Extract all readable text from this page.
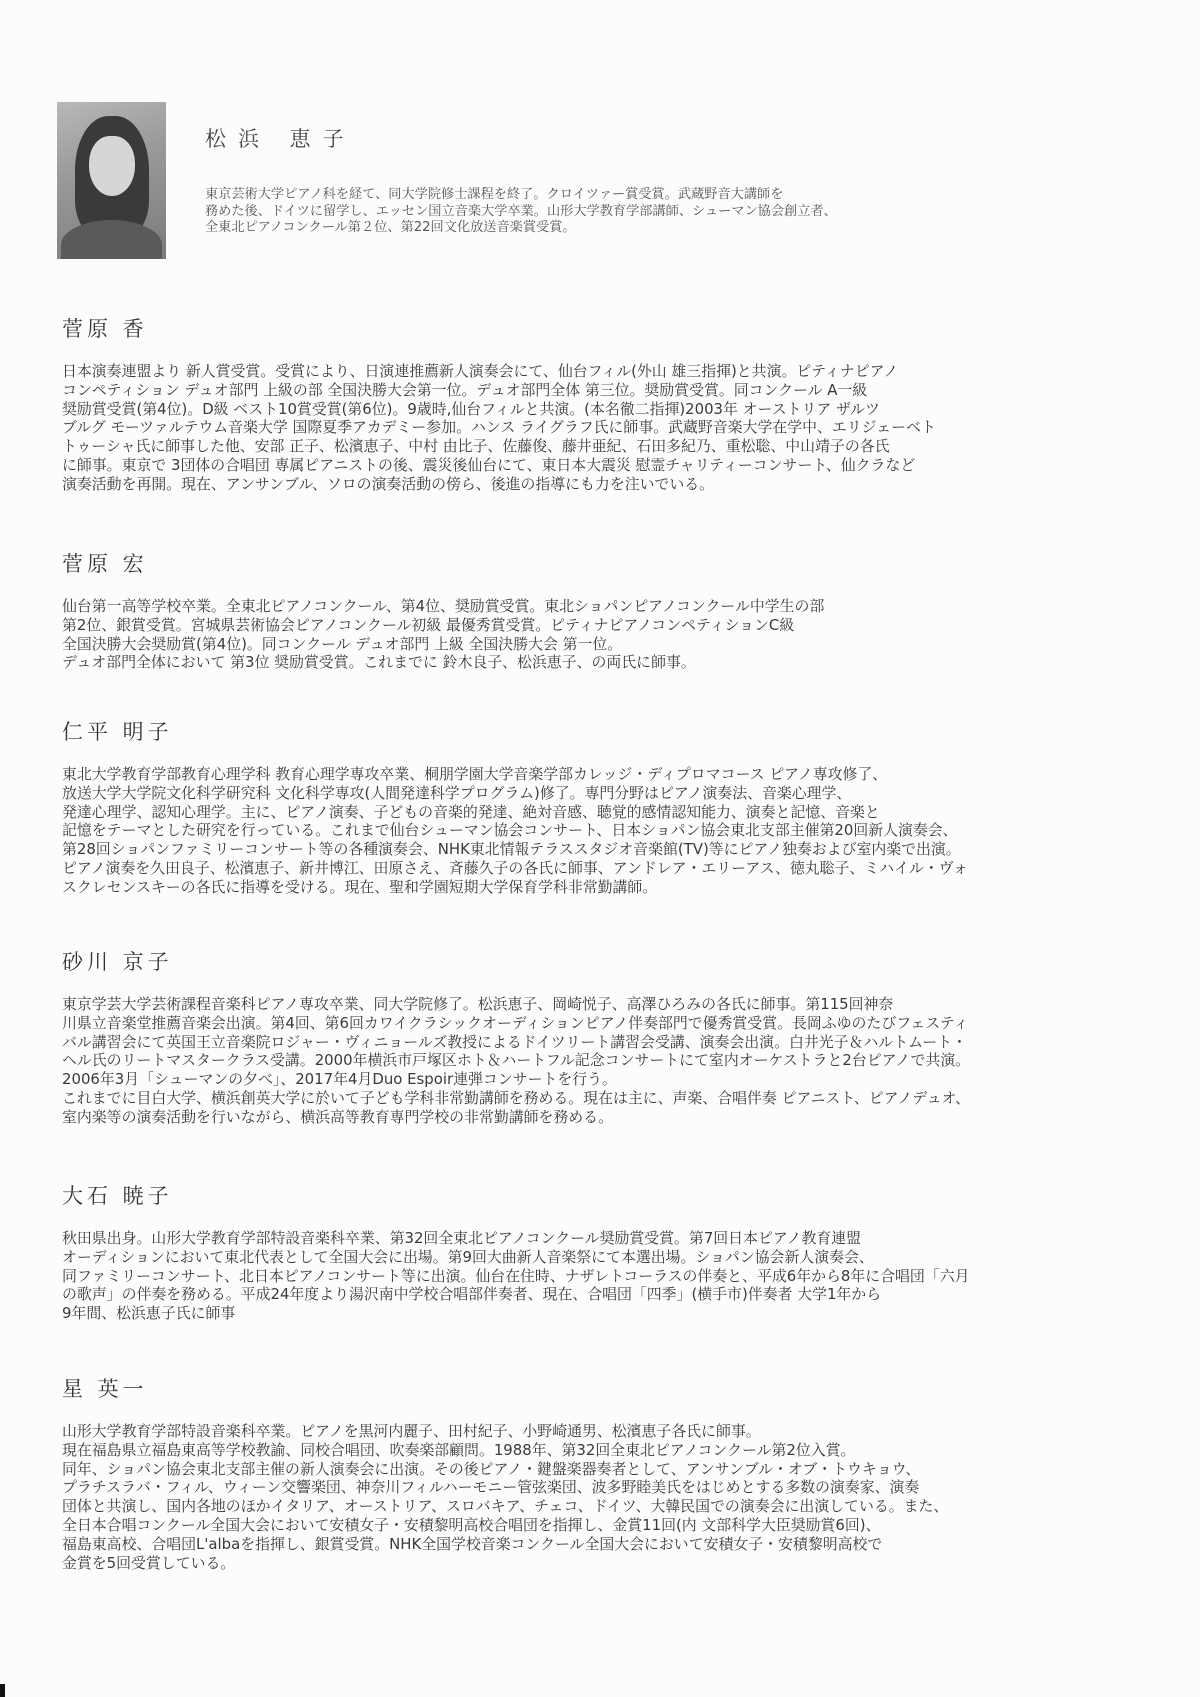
松浜 恵子
東京芸術大学ピアノ科を経て、同大学院修士課程を終了。クロイツァー賞受賞。武蔵野音大講師を
務めた後、ドイツに留学し、エッセン国立音楽大学卒業。山形大学教育学部講師、シューマン協会創立者、
全東北ピアノコンクール第２位、第22回文化放送音楽賞受賞。
菅原 香
日本演奏連盟より 新人賞受賞。受賞により、日演連推薦新人演奏会にて、仙台フィル(外山 雄三指揮)と共演。ピティナピアノ
コンペティション デュオ部門 上級の部 全国決勝大会第一位。デュオ部門全体 第三位。奨励賞受賞。同コンクール A一級
奨励賞受賞(第4位)。D級 ベスト10賞受賞(第6位)。9歳時,仙台フィルと共演。(本名徹二指揮)2003年 オーストリア ザルツ
ブルグ モーツァルテウム音楽大学 国際夏季アカデミー参加。ハンス ライグラフ氏に師事。武蔵野音楽大学在学中、エリジェーベト
トゥーシャ氏に師事した他、安部 正子、松濱恵子、中村 由比子、佐藤俊、藤井亜紀、石田多紀乃、重松聡、中山靖子の各氏
に師事。東京で 3団体の合唱団 専属ピアニストの後、震災後仙台にて、東日本大震災 慰霊チャリティーコンサート、仙クラなど
演奏活動を再開。現在、アンサンブル、ソロの演奏活動の傍ら、後進の指導にも力を注いでいる。
菅原 宏
仙台第一高等学校卒業。全東北ピアノコンクール、第4位、奨励賞受賞。東北ショパンピアノコンクール中学生の部
第2位、銀賞受賞。宮城県芸術協会ピアノコンクール初級 最優秀賞受賞。ピティナピアノコンペティションC級
全国決勝大会奨励賞(第4位)。同コンクール デュオ部門 上級 全国決勝大会 第一位。
デュオ部門全体において 第3位 奨励賞受賞。これまでに 鈴木良子、松浜恵子、の両氏に師事。
仁平 明子
東北大学教育学部教育心理学科 教育心理学専攻卒業、桐朋学園大学音楽学部カレッジ・ディプロマコース ピアノ専攻修了、
放送大学大学院文化科学研究科 文化科学専攻(人間発達科学プログラム)修了。専門分野はピアノ演奏法、音楽心理学、
発達心理学、認知心理学。主に、ピアノ演奏、子どもの音楽的発達、絶対音感、聴覚的感情認知能力、演奏と記憶、音楽と
記憶をテーマとした研究を行っている。これまで仙台シューマン協会コンサート、日本ショパン協会東北支部主催第20回新人演奏会、
第28回ショパンファミリーコンサート等の各種演奏会、NHK東北情報テラススタジオ音楽館(TV)等にピアノ独奏および室内楽で出演。
ピアノ演奏を久田良子、松濱恵子、新井博江、田原さえ、斉藤久子の各氏に師事、アンドレア・エリーアス、徳丸聡子、ミハイル・ヴォ
スクレセンスキーの各氏に指導を受ける。現在、聖和学園短期大学保育学科非常勤講師。
砂川 京子
東京学芸大学芸術課程音楽科ピアノ専攻卒業、同大学院修了。松浜恵子、岡崎悦子、高澤ひろみの各氏に師事。第115回神奈
川県立音楽堂推薦音楽会出演。第4回、第6回カワイクラシックオーディションピアノ伴奏部門で優秀賞受賞。長岡ふゆのたびフェスティ
バル講習会にて英国王立音楽院ロジャー・ヴィニョールズ教授によるドイツリート講習会受講、演奏会出演。白井光子＆ハルトムート・
ヘル氏のリートマスタークラス受講。2000年横浜市戸塚区ホト＆ハートフル記念コンサートにて室内オーケストラと2台ピアノで共演。
2006年3月「シューマンの夕べ」、2017年4月Duo Espoir連弾コンサートを行う。
これまでに目白大学、横浜創英大学に於いて子ども学科非常勤講師を務める。現在は主に、声楽、合唱伴奏 ピアニスト、ピアノデュオ、
室内楽等の演奏活動を行いながら、横浜高等教育専門学校の非常勤講師を務める。
大石 暁子
秋田県出身。山形大学教育学部特設音楽科卒業、第32回全東北ピアノコンクール奨励賞受賞。第7回日本ピアノ教育連盟
オーディションにおいて東北代表として全国大会に出場。第9回大曲新人音楽祭にて本選出場。ショパン協会新人演奏会、
同ファミリーコンサート、北日本ピアノコンサート等に出演。仙台在住時、ナザレトコーラスの伴奏と、平成6年から8年に合唱団「六月
の歌声」の伴奏を務める。平成24年度より湯沢南中学校合唱部伴奏者、現在、合唱団「四季」(横手市)伴奏者 大学1年から
9年間、松浜恵子氏に師事
星 英一
山形大学教育学部特設音楽科卒業。ピアノを黒河内麗子、田村紀子、小野崎通男、松濱恵子各氏に師事。
現在福島県立福島東高等学校教諭、同校合唱団、吹奏楽部顧問。1988年、第32回全東北ピアノコンクール第2位入賞。
同年、ショパン協会東北支部主催の新人演奏会に出演。その後ピアノ・鍵盤楽器奏者として、アンサンブル・オブ・トウキョウ、
プラチスラバ・フィル、ウィーン交響楽団、神奈川フィルハーモニー管弦楽団、波多野睦美氏をはじめとする多数の演奏家、演奏
団体と共演し、国内各地のほかイタリア、オーストリア、スロバキア、チェコ、ドイツ、大韓民国での演奏会に出演している。また、
全日本合唱コンクール全国大会において安積女子・安積黎明高校合唱団を指揮し、金賞11回(内 文部科学大臣奨励賞6回)、
福島東高校、合唱団L'albaを指揮し、銀賞受賞。NHK全国学校音楽コンクール全国大会において安積女子・安積黎明高校で
金賞を5回受賞している。
